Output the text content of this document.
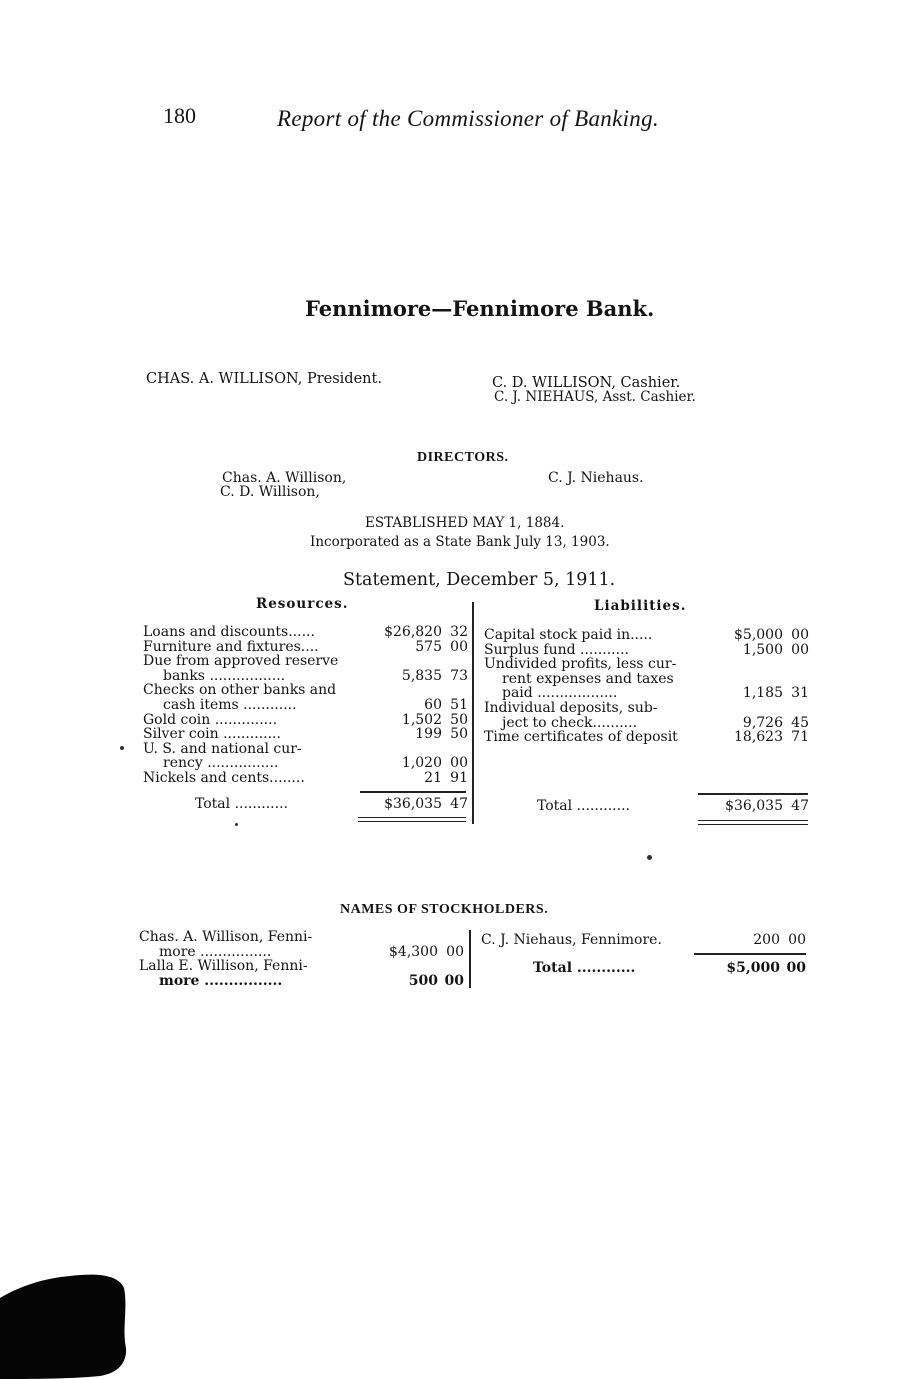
180	Report of the Commissioner of Banking.
Fennimore—Fennimore Bank.
CHAS. A. WILLISON, President.	C. D. WILLISON, Cashier.
C. J. NIEHAUS, Asst. Cashier.
DIRECTORS.
Chas. A. Willison,
C. D. Willison,
C. J. Niehaus.
ESTABLISHED MAY 1, 1884.
Incorporated as a State Bank July 13, 1903.
Statement, December 5, 1911.
Resources.	Liabilities.
Loans and discounts......	$26,820 32
Furniture and fixtures....	575 00
Due from approved reserve
banks .................	5,835 73
Checks on other banks and
cash items ............	60 51
Gold coin ..............	1,502 50
Silver coin .............	199 50
U. S. and national cur-
rency ................	1,020 00
Nickels and cents........	21 91
Total ............	$36,035 47
Capital stock paid in.....	$5,000 00
Surplus fund ...........	1,500 00
Undivided profits, less cur-
rent expenses and taxes
paid ..................	1,185 31
Individual deposits, sub-
ject to check..........	9,726 45
Time certificates of deposit	18,623 71
Total ............	$36,035 47
NAMES OF STOCKHOLDERS.
Chas. A. Willison, Fenni-
more ................	$4,300 00
Lalla E. Willison, Fenni-
more ................	500 00
C. J. Niehaus, Fennimore.	200 00
Total ............	$5,000 00
